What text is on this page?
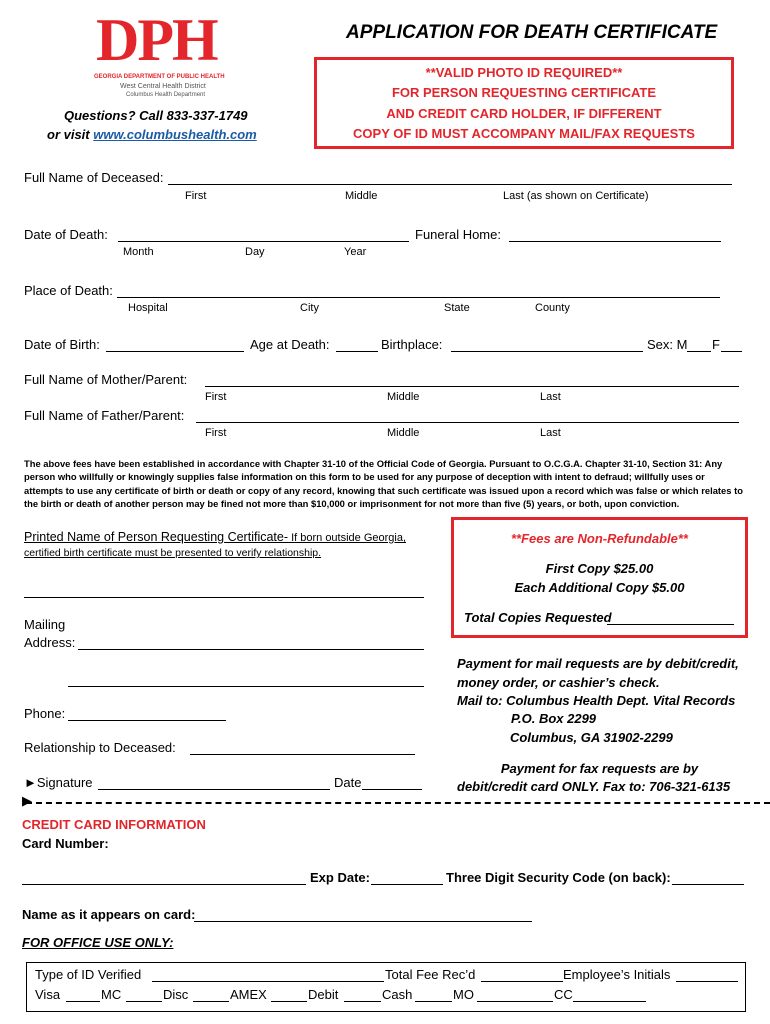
DPH
GEORGIA DEPARTMENT OF PUBLIC HEALTH
West Central Health District
Columbus Health Department
APPLICATION FOR DEATH CERTIFICATE
Questions? Call 833-337-1749
or visit www.columbushealth.com
**VALID PHOTO ID REQUIRED**
FOR PERSON REQUESTING CERTIFICATE
AND CREDIT CARD HOLDER, IF DIFFERENT
COPY OF ID MUST ACCOMPANY MAIL/FAX REQUESTS
Full Name of Deceased:
First	Middle	Last (as shown on Certificate)
Date of Death:	Funeral Home:
Month	Day	Year
Place of Death:
Hospital	City	State	County
Date of Birth:	Age at Death:	Birthplace:	Sex: M F
Full Name of Mother/Parent:
First	Middle	Last
Full Name of Father/Parent:
First	Middle	Last
The above fees have been established in accordance with Chapter 31-10 of the Official Code of Georgia. Pursuant to O.C.G.A. Chapter 31-10, Section 31: Any person who willfully or knowingly supplies false information on this form to be used for any purpose of deception with intent to defraud; willfully uses or attempts to use any certificate of birth or death or copy of any record, knowing that such certificate was issued upon a record which was false or which relates to the birth or death of another person may be fined not more than $10,000 or imprisonment for not more than five (5) years, or both, upon conviction.
Printed Name of Person Requesting Certificate- If born outside Georgia,
certified birth certificate must be presented to verify relationship.
Mailing
Address:
Phone:
Relationship to Deceased:
►Signature	Date
**Fees are Non-Refundable**
First Copy $25.00
Each Additional Copy $5.00
Total Copies Requested
Payment for mail requests are by debit/credit,
money order, or cashier’s check.
Mail to: Columbus Health Dept. Vital Records
P.O. Box 2299
Columbus, GA 31902-2299
Payment for fax requests are by
debit/credit card ONLY. Fax to: 706-321-6135
▶
CREDIT CARD INFORMATION
Card Number:
Exp Date:	Three Digit Security Code (on back):
Name as it appears on card:
FOR OFFICE USE ONLY:
Type of ID Verified	Total Fee Rec’d	Employee’s Initials
Visa	MC	Disc	AMEX	Debit	Cash	MO	CC
